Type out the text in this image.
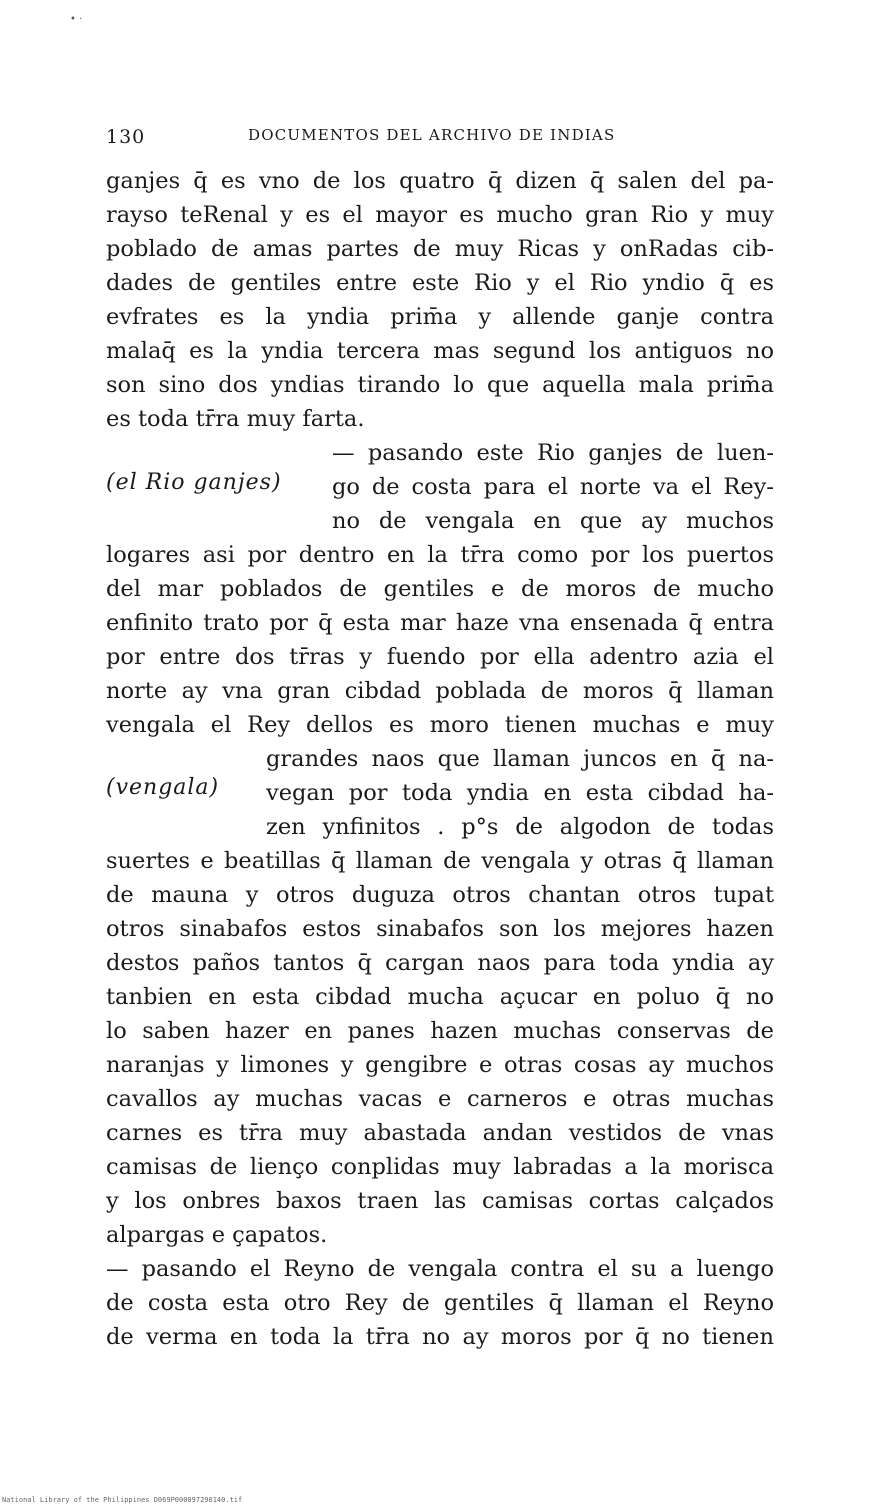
• ·
130	DOCUMENTOS DEL ARCHIVO DE INDIAS
ganjes q̄ es vno de los quatro q̄ dizen q̄ salen del pa-
rayso teRenal y es el mayor es mucho gran Rio y muy
poblado de amas partes de muy Ricas y onRadas cib-
dades de gentiles entre este Rio y el Rio yndio q̄ es
evfrates es la yndia prim̄a y allende ganje contra
malaq̄ es la yndia tercera mas segund los antiguos no
son sino dos yndias tirando lo que aquella mala prim̄a
es toda tr̄ra muy farta.
— pasando este Rio ganjes de luen-
go de costa para el norte va el Rey-
no de vengala en que ay muchos
logares asi por dentro en la tr̄ra como por los puertos
del mar poblados de gentiles e de moros de mucho
enfinito trato por q̄ esta mar haze vna ensenada q̄ entra
por entre dos tr̄ras y fuendo por ella adentro azia el
norte ay vna gran cibdad poblada de moros q̄ llaman
vengala el Rey dellos es moro tienen muchas e muy
grandes naos que llaman juncos en q̄ na-
vegan por toda yndia en esta cibdad ha-
zen ynfinitos . p°s de algodon de todas
suertes e beatillas q̄ llaman de vengala y otras q̄ llaman
de mauna y otros duguza otros chantan otros tupat
otros sinabafos estos sinabafos son los mejores hazen
destos paños tantos q̄ cargan naos para toda yndia ay
tanbien en esta cibdad mucha açucar en poluo q̄ no
lo saben hazer en panes hazen muchas conservas de
naranjas y limones y gengibre e otras cosas ay muchos
cavallos ay muchas vacas e carneros e otras muchas
carnes es tr̄ra muy abastada andan vestidos de vnas
camisas de lienço conplidas muy labradas a la morisca
y los onbres baxos traen las camisas cortas calçados
alpargas e çapatos.
— pasando el Reyno de vengala contra el su a luengo
de costa esta otro Rey de gentiles q̄ llaman el Reyno
de verma en toda la tr̄ra no ay moros por q̄ no tienen
(el Rio ganjes)
(vengala)
National Library of the Philippines D069P000097290140.tif
